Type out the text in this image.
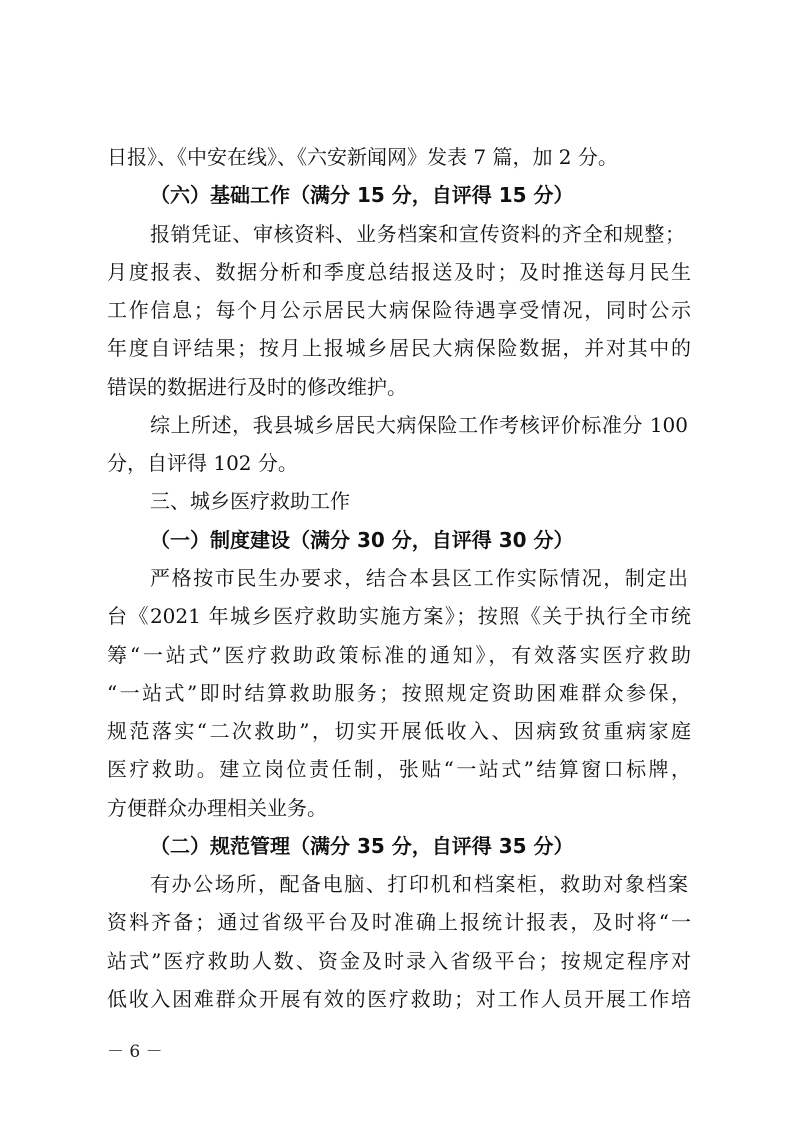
日报》、《中安在线》、《六安新闻网》发表 7 篇，加 2 分。
（六）基础工作（满分 15 分，自评得 15 分）
报销凭证、审核资料、业务档案和宣传资料的齐全和规整；
月度报表、数据分析和季度总结报送及时；及时推送每月民生
工作信息；每个月公示居民大病保险待遇享受情况，同时公示
年度自评结果；按月上报城乡居民大病保险数据，并对其中的
错误的数据进行及时的修改维护。
综上所述，我县城乡居民大病保险工作考核评价标准分 100
分，自评得 102 分。
三、城乡医疗救助工作
（一）制度建设（满分 30 分，自评得 30 分）
严格按市民生办要求，结合本县区工作实际情况，制定出
台《2021 年城乡医疗救助实施方案》；按照《关于执行全市统
筹“一站式”医疗救助政策标准的通知》，有效落实医疗救助
“一站式”即时结算救助服务；按照规定资助困难群众参保，
规范落实“二次救助”，切实开展低收入、因病致贫重病家庭
医疗救助。建立岗位责任制，张贴“一站式”结算窗口标牌，
方便群众办理相关业务。
（二）规范管理（满分 35 分，自评得 35 分）
有办公场所，配备电脑、打印机和档案柜，救助对象档案
资料齐备；通过省级平台及时准确上报统计报表，及时将“一
站式”医疗救助人数、资金及时录入省级平台；按规定程序对
低收入困难群众开展有效的医疗救助；对工作人员开展工作培
－ 6 －
